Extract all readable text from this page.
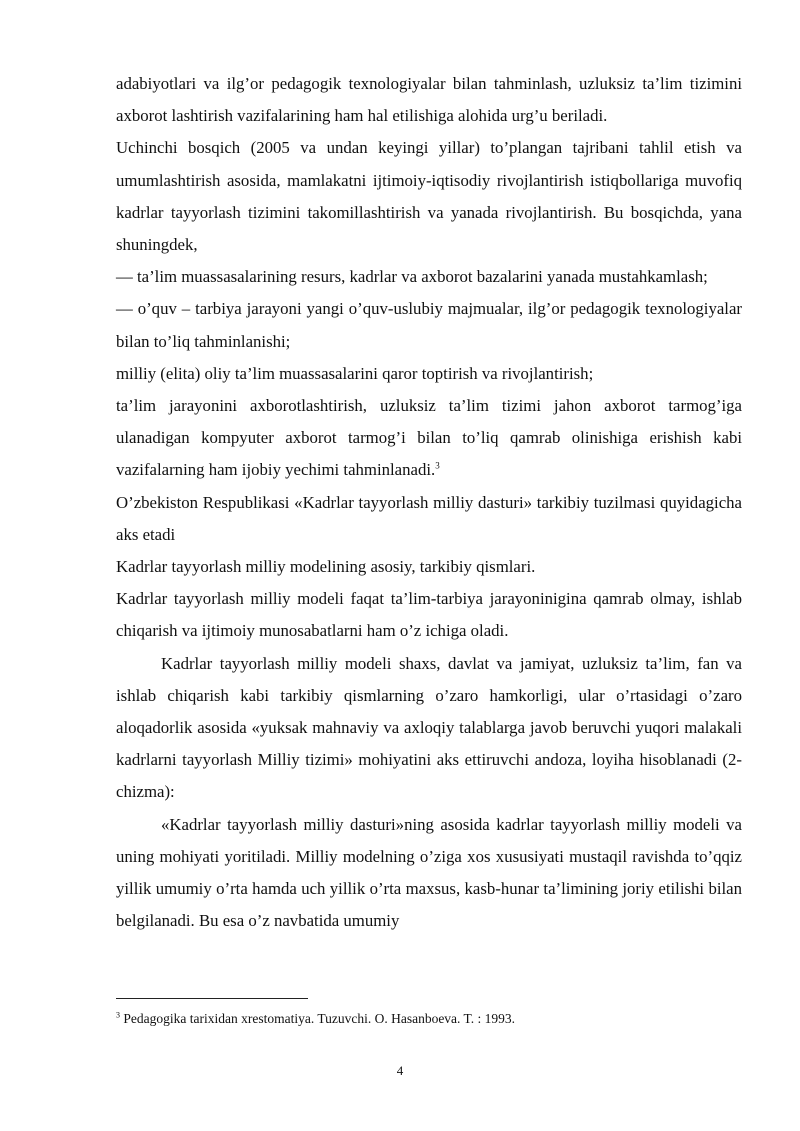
adabiyotlari va ilg’or pedagogik texnologiyalar bilan tahminlash, uzluksiz ta’lim tizimini axborot lashtirish vazifalarining ham hal etilishiga alohida urg’u beriladi.

Uchinchi bosqich (2005 va undan keyingi yillar) to’plangan tajribani tahlil etish va umumlashtirish asosida, mamlakatni ijtimoiy-iqtisodiy rivojlantirish istiqbollariga muvofiq kadrlar tayyorlash tizimini takomillashtirish va yanada rivojlantirish. Bu bosqichda, yana shuningdek,

— ta’lim muassasalarining resurs, kadrlar va axborot bazalarini yanada mustahkamlash;

— o’quv – tarbiya jarayoni yangi o’quv-uslubiy majmualar, ilg’or pedagogik texnologiyalar bilan to’liq tahminlanishi;

milliy (elita) oliy ta’lim muassasalarini qaror toptirish va rivojlantirish;

ta’lim jarayonini axborotlashtirish, uzluksiz ta’lim tizimi jahon axborot tarmog’iga ulanadigan kompyuter axborot tarmog’i bilan to’liq qamrab olinishiga erishish kabi vazifalarning ham ijobiy yechimi tahminlanadi.$^3$

O’zbekiston Respublikasi «Kadrlar tayyorlash milliy dasturi» tarkibiy tuzilmasi quyidagicha aks etadi

Kadrlar tayyorlash milliy modelining asosiy, tarkibiy qismlari.

Kadrlar tayyorlash milliy modeli faqat ta’lim-tarbiya jarayoninigina qamrab olmay, ishlab chiqarish va ijtimoiy munosabatlarni ham o’z ichiga oladi.

Kadrlar tayyorlash milliy modeli shaxs, davlat va jamiyat, uzluksiz ta’lim, fan va ishlab chiqarish kabi tarkibiy qismlarning o’zaro hamkorligi, ular o’rtasidagi o’zaro aloqadorlik asosida «yuksak mahnaviy va axloqiy talablarga javob beruvchi yuqori malakali kadrlarni tayyorlash Milliy tizimi» mohiyatini aks ettiruvchi andoza, loyiha hisoblanadi (2-chizma):

«Kadrlar tayyorlash milliy dasturi»ning asosida kadrlar tayyorlash milliy modeli va uning mohiyati yoritiladi. Milliy modelning o’ziga xos xususiyati mustaqil ravishda to’qqiz yillik umumiy o’rta hamda uch yillik o’rta maxsus, kasb-hunar ta’limining joriy etilishi bilan belgilanadi. Bu esa o’z navbatida umumiy

$^3$ Pedagogika tarixidan xrestomatiya. Tuzuvchi. O. Hasanboeva. T. : 1993.

4
